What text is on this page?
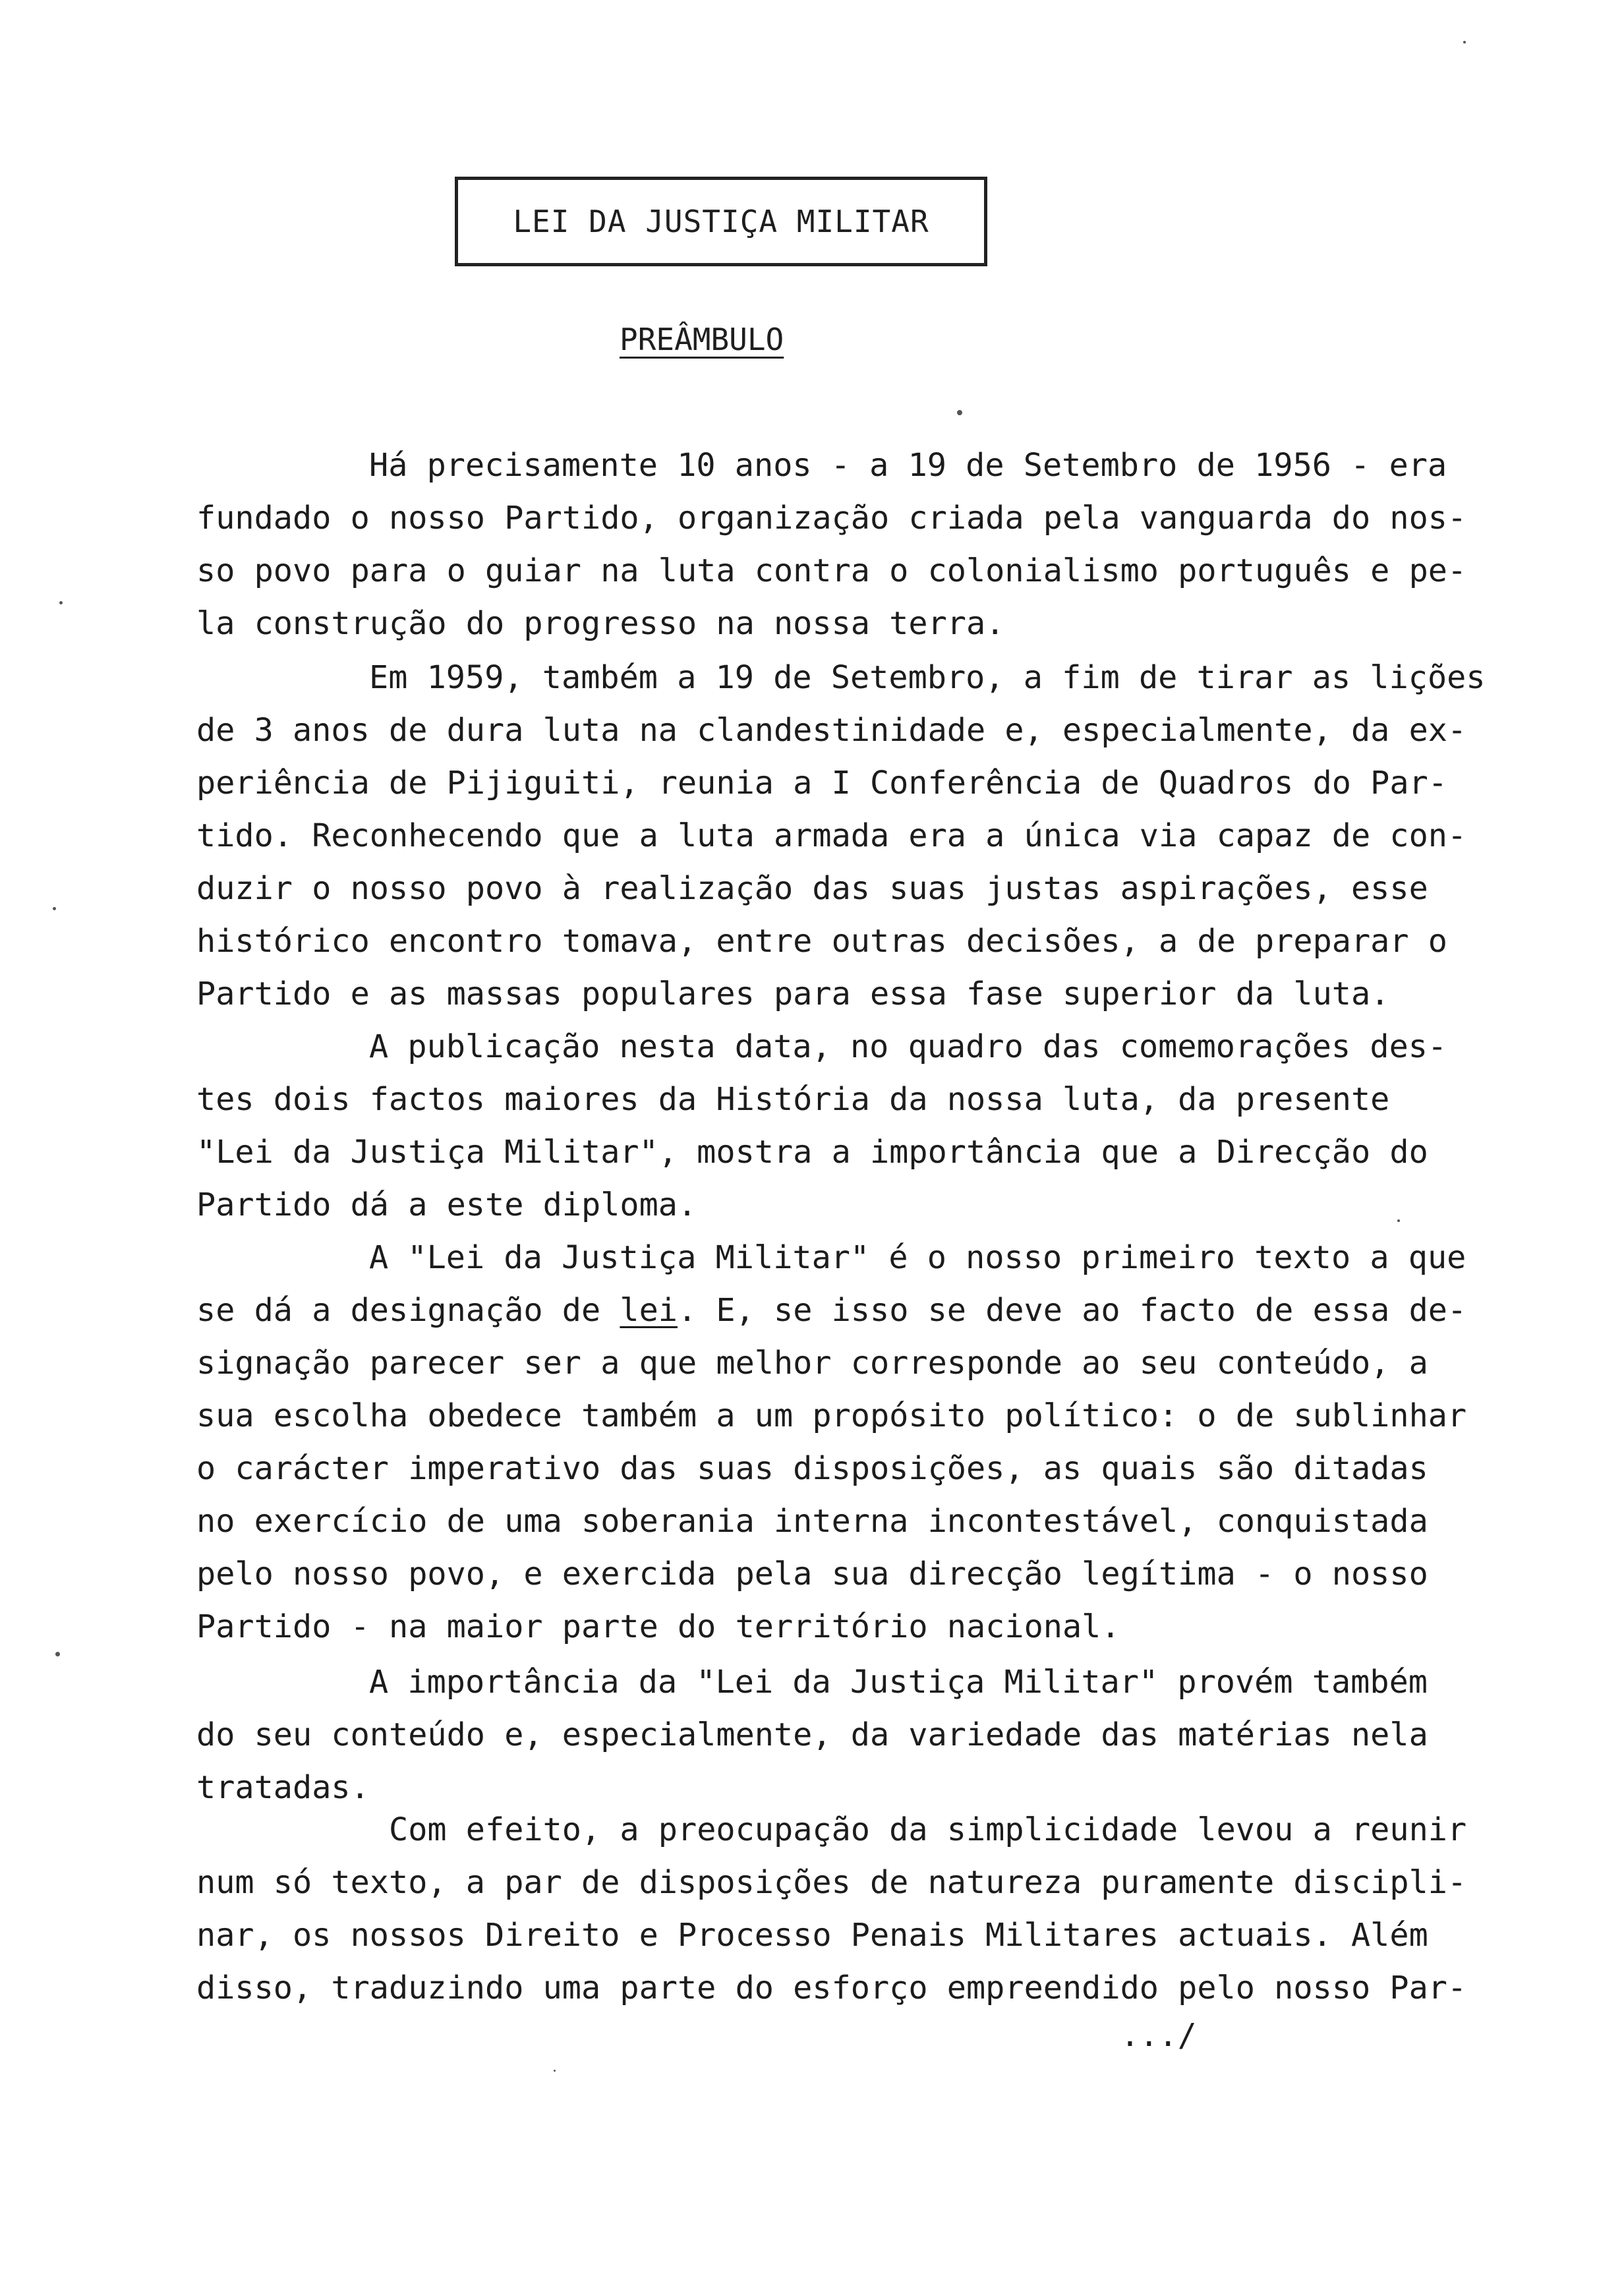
LEI DA JUSTIÇA MILITAR
PREÂMBULO
Há precisamente 10 anos - a 19 de Setembro de 1956 - era
fundado o nosso Partido, organização criada pela vanguarda do nos-
so povo para o guiar na luta contra o colonialismo português e pe-
la construção do progresso na nossa terra.
Em 1959, também a 19 de Setembro, a fim de tirar as lições
de 3 anos de dura luta na clandestinidade e, especialmente, da ex-
periência de Pijiguiti, reunia a I Conferência de Quadros do Par-
tido. Reconhecendo que a luta armada era a única via capaz de con-
duzir o nosso povo à realização das suas justas aspirações, esse
histórico encontro tomava, entre outras decisões, a de preparar o
Partido e as massas populares para essa fase superior da luta.
A publicação nesta data, no quadro das comemorações des-
tes dois factos maiores da História da nossa luta, da presente
"Lei da Justiça Militar", mostra a importância que a Direcção do
Partido dá a este diploma.
A "Lei da Justiça Militar" é o nosso primeiro texto a que
se dá a designação de lei. E, se isso se deve ao facto de essa de-
signação parecer ser a que melhor corresponde ao seu conteúdo, a
sua escolha obedece também a um propósito político: o de sublinhar
o carácter imperativo das suas disposições, as quais são ditadas
no exercício de uma soberania interna incontestável, conquistada
pelo nosso povo, e exercida pela sua direcção legítima - o nosso
Partido - na maior parte do território nacional.
A importância da "Lei da Justiça Militar" provém também
do seu conteúdo e, especialmente, da variedade das matérias nela
tratadas.
Com efeito, a preocupação da simplicidade levou a reunir
num só texto, a par de disposições de natureza puramente discipli-
nar, os nossos Direito e Processo Penais Militares actuais. Além
disso, traduzindo uma parte do esforço empreendido pelo nosso Par-
.../
